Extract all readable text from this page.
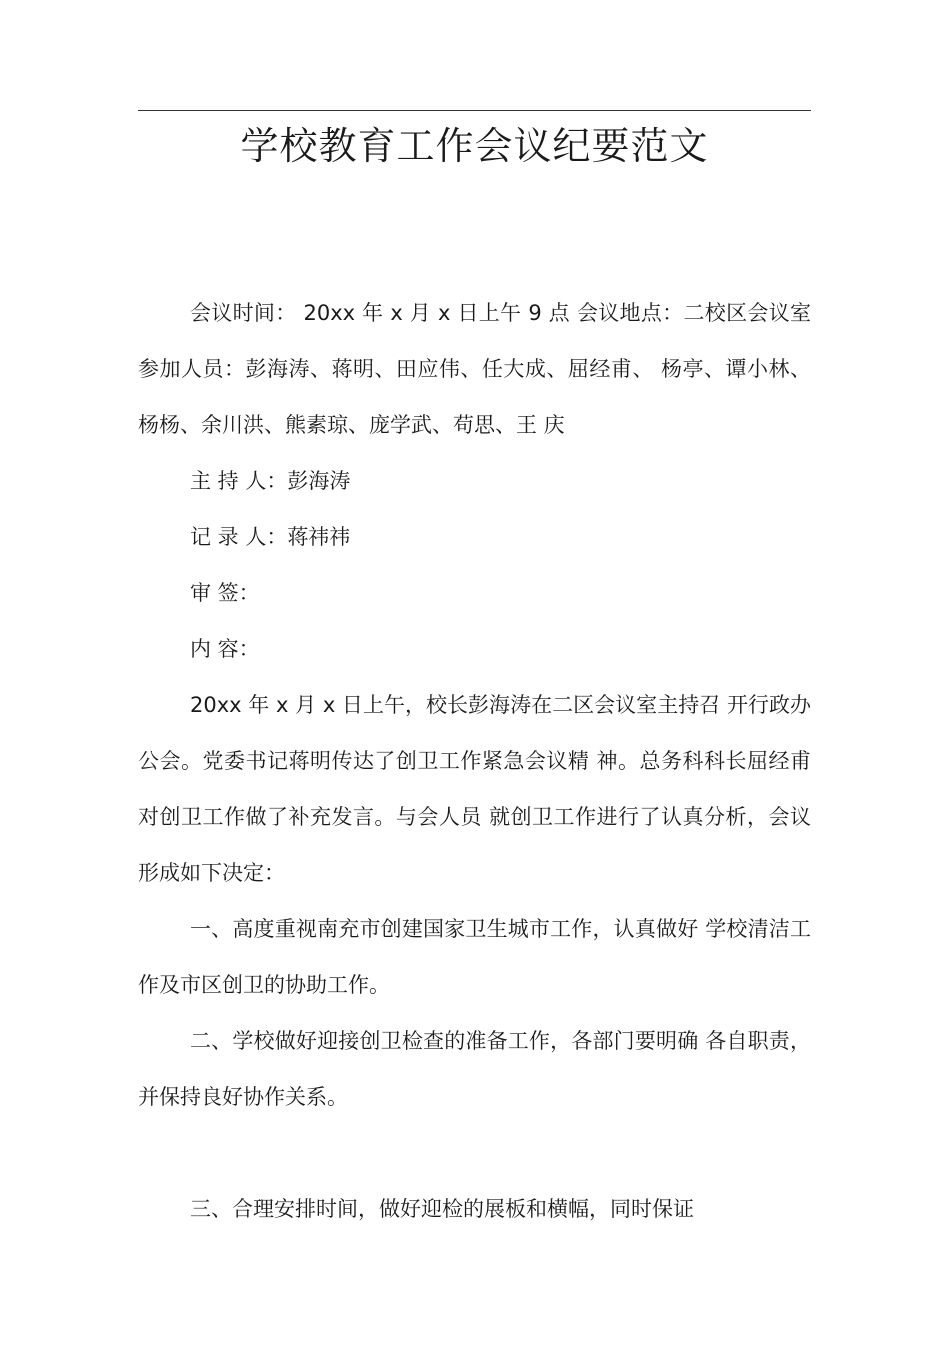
学校教育工作会议纪要范文

会议时间： 20xx 年 x 月 x 日上午 9 点 会议地点：二校区会议室 参加人员：彭海涛、蒋明、田应伟、任大成、屈经甫、 杨亭、谭小林、杨杨、余川洪、熊素琼、庞学武、苟思、王 庆

主 持 人：彭海涛

记 录 人：蒋祎祎

审 签：

内 容：

20xx 年 x 月 x 日上午，校长彭海涛在二区会议室主持召 开行政办公会。党委书记蒋明传达了创卫工作紧急会议精 神。总务科科长屈经甫对创卫工作做了补充发言。与会人员 就创卫工作进行了认真分析，会议形成如下决定：

一、高度重视南充市创建国家卫生城市工作，认真做好 学校清洁工作及市区创卫的协助工作。

二、学校做好迎接创卫检查的准备工作，各部门要明确 各自职责，并保持良好协作关系。

三、合理安排时间，做好迎检的展板和横幅，同时保证
